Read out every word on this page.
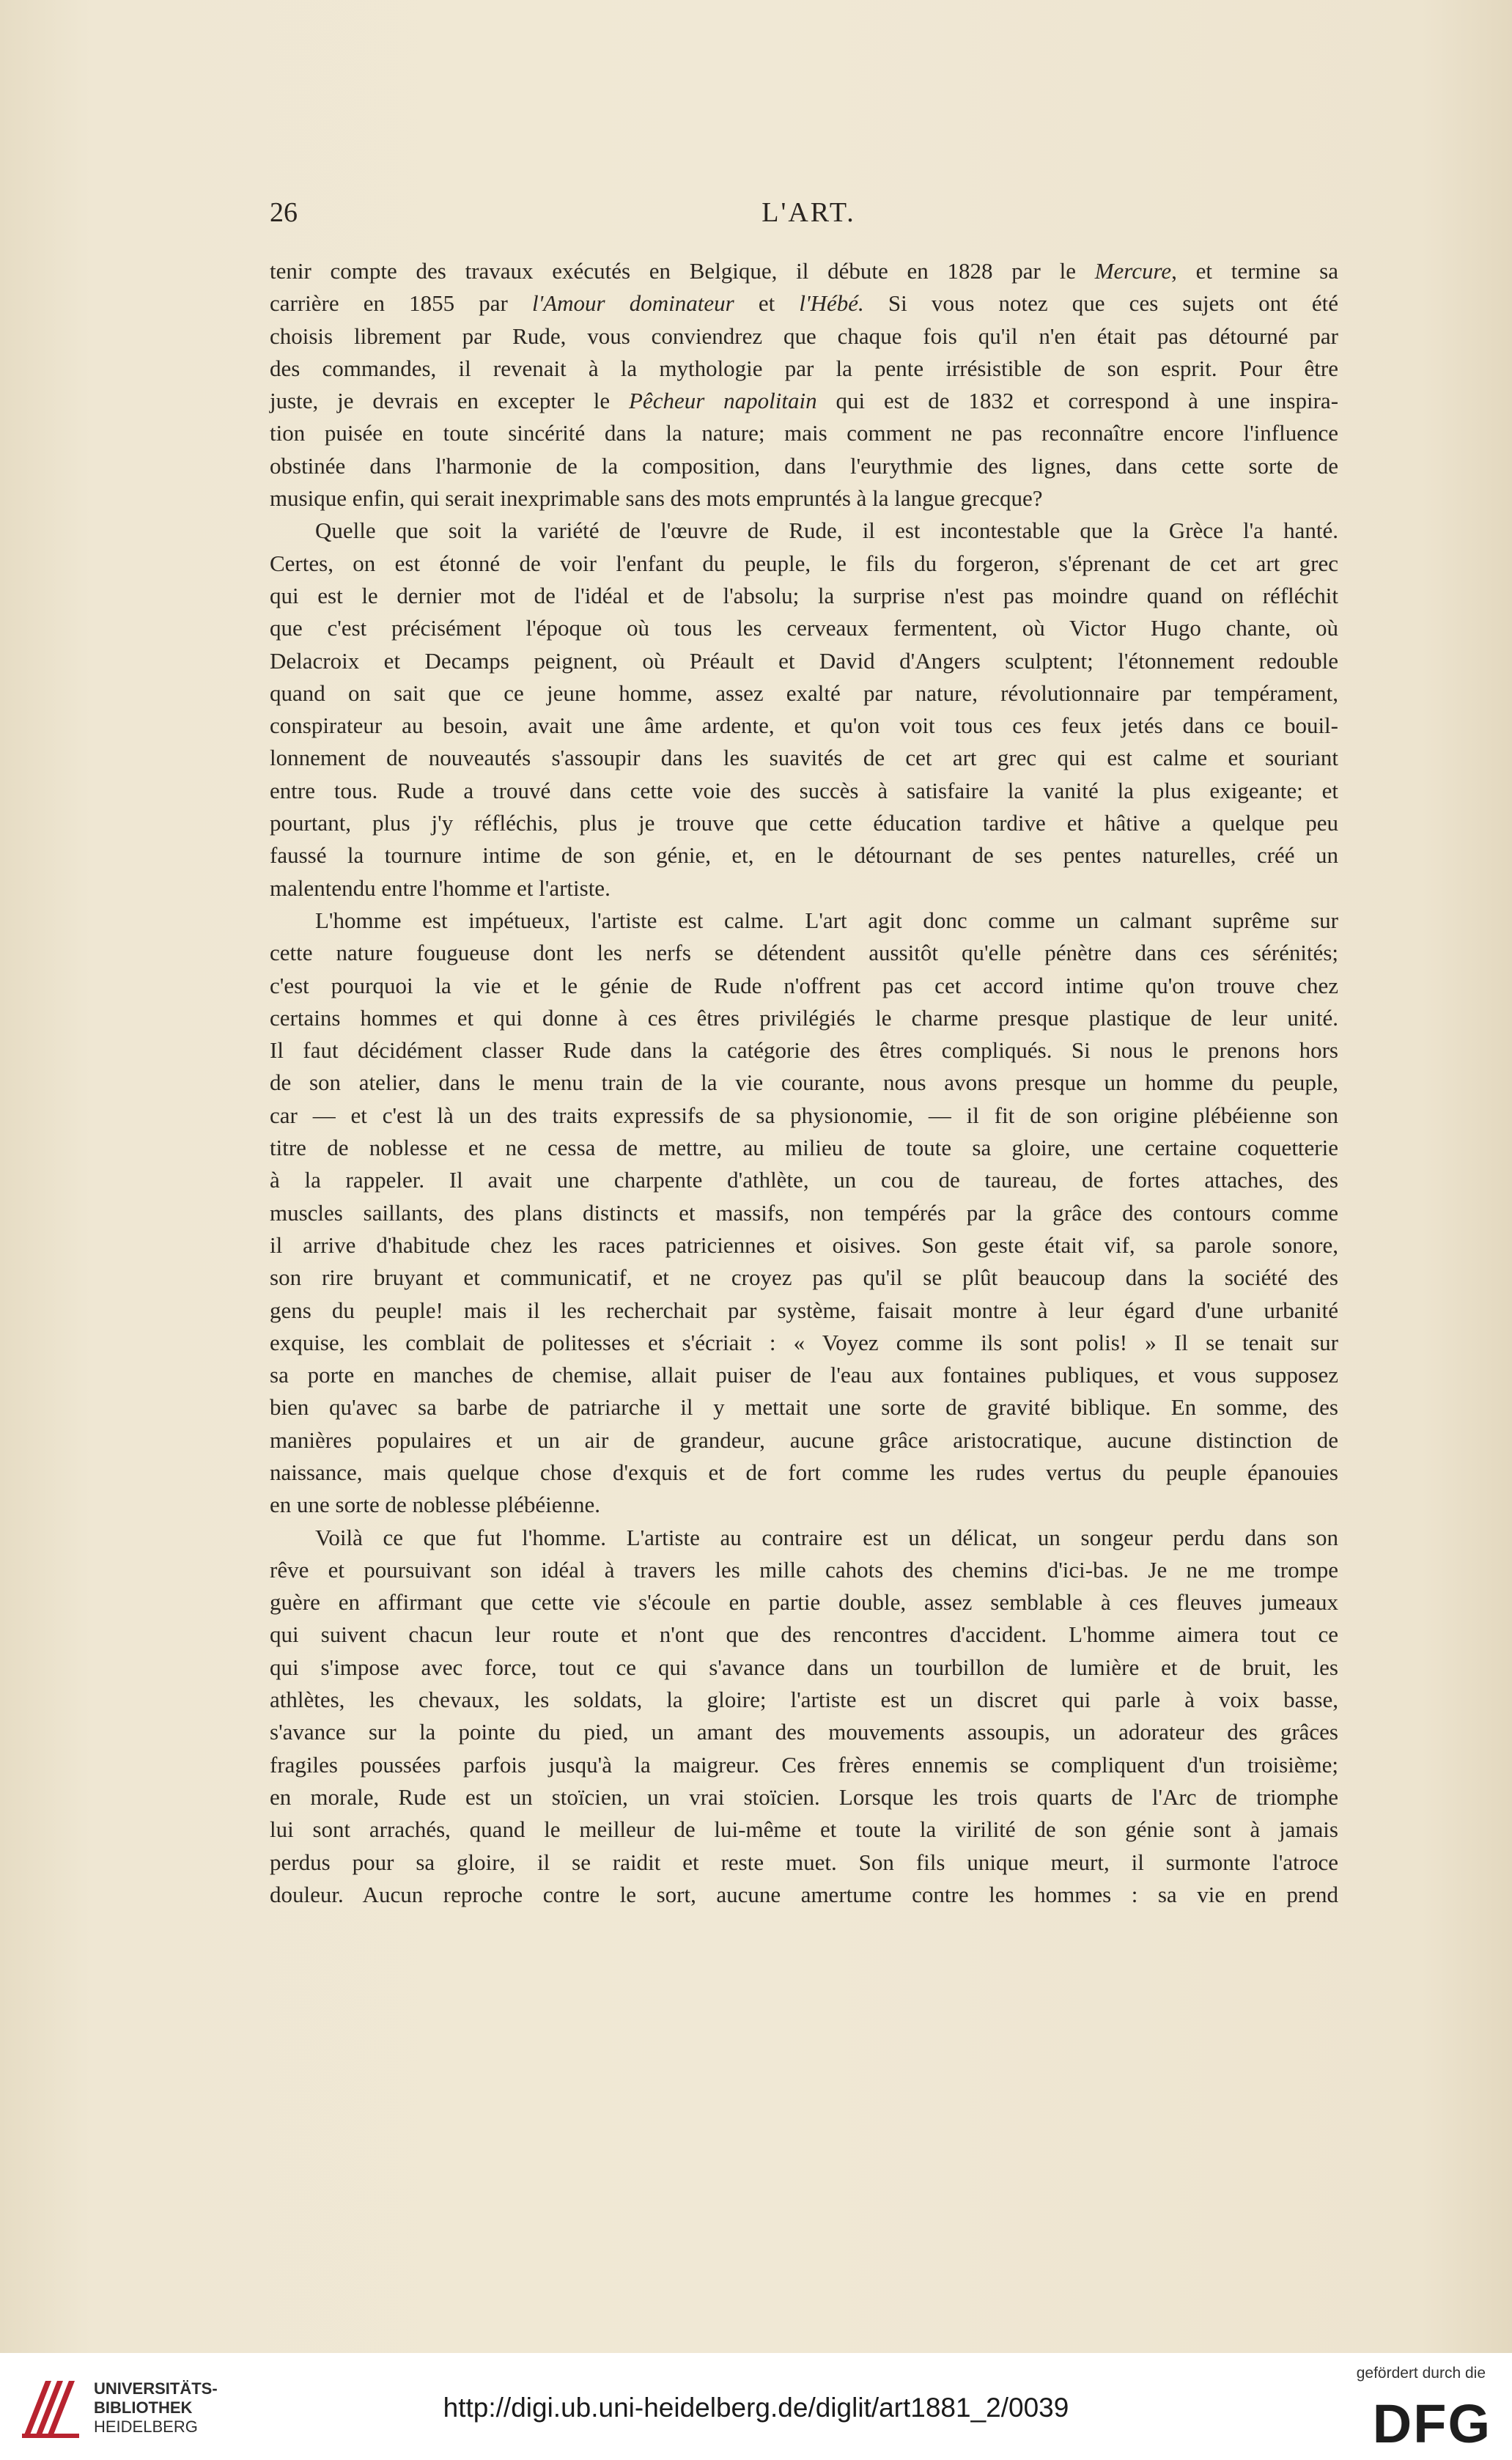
26	L'ART.
tenir compte des travaux exécutés en Belgique, il débute en 1828 par le Mercure, et termine sa
carrière en 1855 par l'Amour dominateur et l'Hébé. Si vous notez que ces sujets ont été
choisis librement par Rude, vous conviendrez que chaque fois qu'il n'en était pas détourné par
des commandes, il revenait à la mythologie par la pente irrésistible de son esprit. Pour être
juste, je devrais en excepter le Pêcheur napolitain qui est de 1832 et correspond à une inspira-
tion puisée en toute sincérité dans la nature; mais comment ne pas reconnaître encore l'influence
obstinée dans l'harmonie de la composition, dans l'eurythmie des lignes, dans cette sorte de
musique enfin, qui serait inexprimable sans des mots empruntés à la langue grecque?
Quelle que soit la variété de l'œuvre de Rude, il est incontestable que la Grèce l'a hanté.
Certes, on est étonné de voir l'enfant du peuple, le fils du forgeron, s'éprenant de cet art grec
qui est le dernier mot de l'idéal et de l'absolu; la surprise n'est pas moindre quand on réfléchit
que c'est précisément l'époque où tous les cerveaux fermentent, où Victor Hugo chante, où
Delacroix et Decamps peignent, où Préault et David d'Angers sculptent; l'étonnement redouble
quand on sait que ce jeune homme, assez exalté par nature, révolutionnaire par tempérament,
conspirateur au besoin, avait une âme ardente, et qu'on voit tous ces feux jetés dans ce bouil-
lonnement de nouveautés s'assoupir dans les suavités de cet art grec qui est calme et souriant
entre tous. Rude a trouvé dans cette voie des succès à satisfaire la vanité la plus exigeante; et
pourtant, plus j'y réfléchis, plus je trouve que cette éducation tardive et hâtive a quelque peu
faussé la tournure intime de son génie, et, en le détournant de ses pentes naturelles, créé un
malentendu entre l'homme et l'artiste.
L'homme est impétueux, l'artiste est calme. L'art agit donc comme un calmant suprême sur
cette nature fougueuse dont les nerfs se détendent aussitôt qu'elle pénètre dans ces sérénités;
c'est pourquoi la vie et le génie de Rude n'offrent pas cet accord intime qu'on trouve chez
certains hommes et qui donne à ces êtres privilégiés le charme presque plastique de leur unité.
Il faut décidément classer Rude dans la catégorie des êtres compliqués. Si nous le prenons hors
de son atelier, dans le menu train de la vie courante, nous avons presque un homme du peuple,
car — et c'est là un des traits expressifs de sa physionomie, — il fit de son origine plébéienne son
titre de noblesse et ne cessa de mettre, au milieu de toute sa gloire, une certaine coquetterie
à la rappeler. Il avait une charpente d'athlète, un cou de taureau, de fortes attaches, des
muscles saillants, des plans distincts et massifs, non tempérés par la grâce des contours comme
il arrive d'habitude chez les races patriciennes et oisives. Son geste était vif, sa parole sonore,
son rire bruyant et communicatif, et ne croyez pas qu'il se plût beaucoup dans la société des
gens du peuple! mais il les recherchait par système, faisait montre à leur égard d'une urbanité
exquise, les comblait de politesses et s'écriait : « Voyez comme ils sont polis! » Il se tenait sur
sa porte en manches de chemise, allait puiser de l'eau aux fontaines publiques, et vous supposez
bien qu'avec sa barbe de patriarche il y mettait une sorte de gravité biblique. En somme, des
manières populaires et un air de grandeur, aucune grâce aristocratique, aucune distinction de
naissance, mais quelque chose d'exquis et de fort comme les rudes vertus du peuple épanouies
en une sorte de noblesse plébéienne.
Voilà ce que fut l'homme. L'artiste au contraire est un délicat, un songeur perdu dans son
rêve et poursuivant son idéal à travers les mille cahots des chemins d'ici-bas. Je ne me trompe
guère en affirmant que cette vie s'écoule en partie double, assez semblable à ces fleuves jumeaux
qui suivent chacun leur route et n'ont que des rencontres d'accident. L'homme aimera tout ce
qui s'impose avec force, tout ce qui s'avance dans un tourbillon de lumière et de bruit, les
athlètes, les chevaux, les soldats, la gloire; l'artiste est un discret qui parle à voix basse,
s'avance sur la pointe du pied, un amant des mouvements assoupis, un adorateur des grâces
fragiles poussées parfois jusqu'à la maigreur. Ces frères ennemis se compliquent d'un troisième;
en morale, Rude est un stoïcien, un vrai stoïcien. Lorsque les trois quarts de l'Arc de triomphe
lui sont arrachés, quand le meilleur de lui-même et toute la virilité de son génie sont à jamais
perdus pour sa gloire, il se raidit et reste muet. Son fils unique meurt, il surmonte l'atroce
douleur. Aucun reproche contre le sort, aucune amertume contre les hommes : sa vie en prend
UNIVERSITÄTS-
BIBLIOTHEK
HEIDELBERG
http://digi.ub.uni-heidelberg.de/diglit/art1881_2/0039
gefördert durch die
DFG
